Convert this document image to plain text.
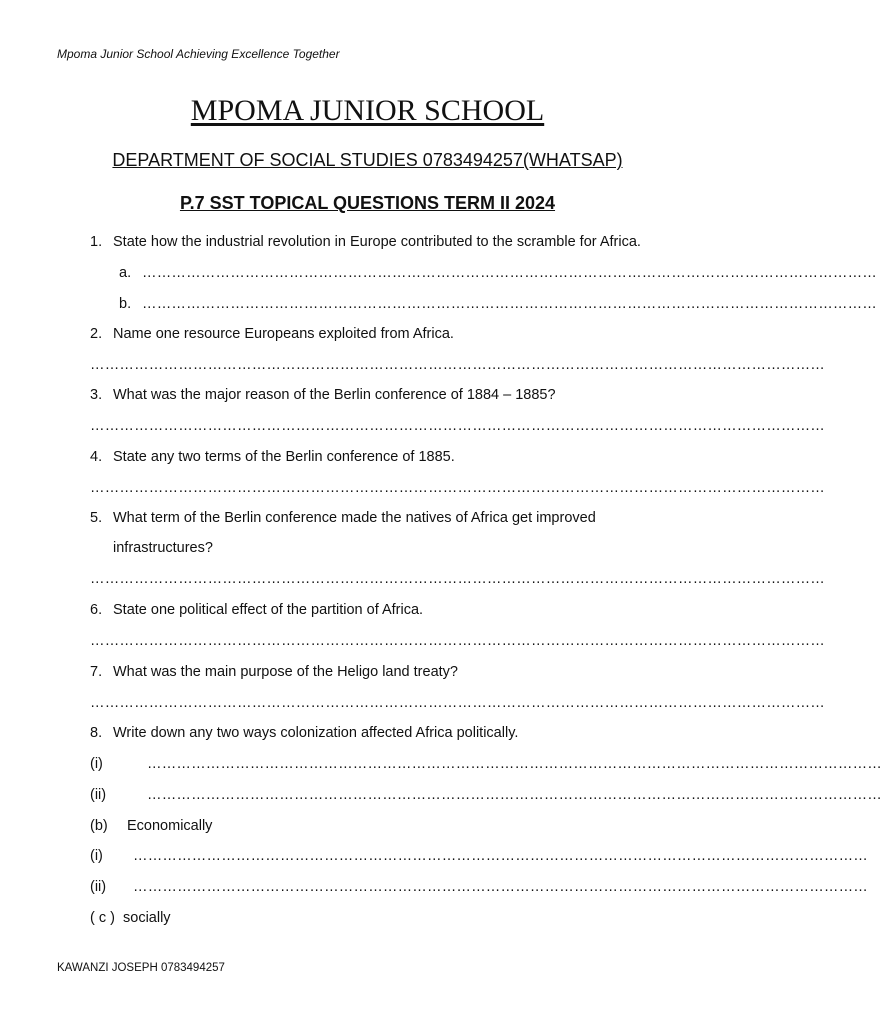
Mpoma Junior School Achieving Excellence Together
MPOMA JUNIOR SCHOOL
DEPARTMENT OF SOCIAL STUDIES 0783494257(WHATSAP)
P.7 SST TOPICAL QUESTIONS TERM II 2024
1. State how the industrial revolution in Europe contributed to the scramble for Africa.
a. ……………………………………………………………………………………………………………………………………
b. ……………………………………………………………………………………………………………………………………
2. Name one resource Europeans exploited from Africa.
……………………………………………………………………………………………………………………………………
3. What was the major reason of the Berlin conference of 1884 – 1885?
……………………………………………………………………………………………………………………………………
4. State any two terms of the Berlin conference of 1885.
……………………………………………………………………………………………………………………………………
5. What term of the Berlin conference made the natives of Africa get improved
infrastructures?
……………………………………………………………………………………………………………………………………
6. State one political effect of the partition of Africa.
……………………………………………………………………………………………………………………………………
7. What was the main purpose of the Heligo land treaty?
……………………………………………………………………………………………………………………………………
8. Write down any two ways colonization affected Africa politically.
(i)	……………………………………………………………………………………………………………………………………
(ii)	……………………………………………………………………………………………………………………………………
(b) Economically
(i) ……………………………………………………………………………………………………………………………………
(ii) ……………………………………………………………………………………………………………………………………
( c ) socially
KAWANZI JOSEPH 0783494257
